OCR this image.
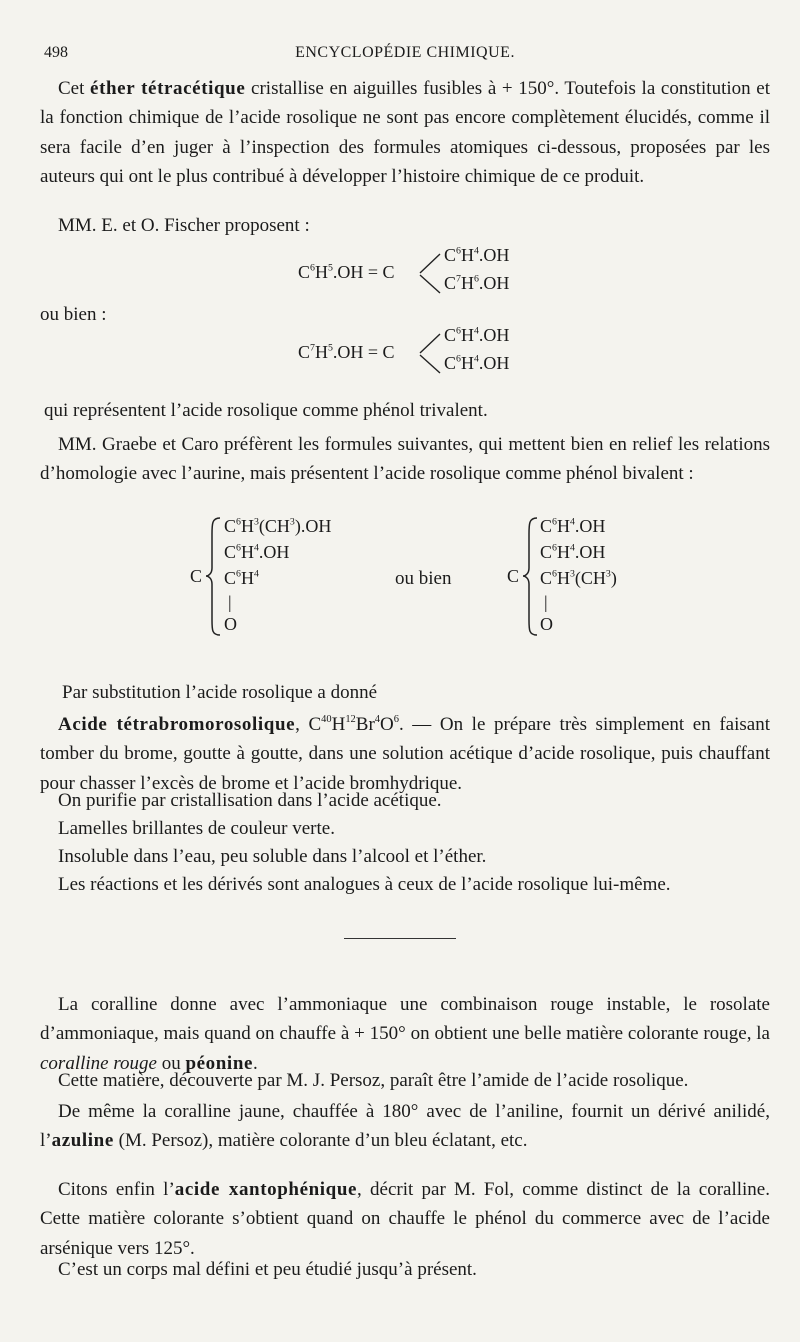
498	ENCYCLOPÉDIE CHIMIQUE.

Cet éther tétracétique cristallise en aiguilles fusibles à + 150°. Toutefois la constitution et la fonction chimique de l’acide rosolique ne sont pas encore complètement élucidés, comme il sera facile d’en juger à l’inspection des formules atomiques ci-dessous, proposées par les auteurs qui ont le plus contribué à développer l’histoire chimique de ce produit.

MM. E. et O. Fischer proposent :
$C^6H^5.OH = C$
$C^6H^4.OH$
$C^7H^6.OH$
ou bien :
$C^7H^5.OH = C$
$C^6H^4.OH$
$C^6H^4.OH$
qui représentent l’acide rosolique comme phénol trivalent.

MM. Graebe et Caro préfèrent les formules suivantes, qui mettent bien en relief les relations d’homologie avec l’aurine, mais présentent l’acide rosolique comme phénol bivalent :

C
$C^6H^3(CH^3).OH$
$C^6H^4.OH$
$C^6H^4$
|
O
ou bien	C
$C^6H^4.OH$
$C^6H^4.OH$
$C^6H^3(CH^3)$
|
O
Par substitution l’acide rosolique a donné

Acide tétrabromorosolique, $C^{40}H^{12}Br^4O^6$. — On le prépare très simplement en faisant tomber du brome, goutte à goutte, dans une solution acétique d’acide rosolique, puis chauffant pour chasser l’excès de brome et l’acide bromhydrique.

On purifie par cristallisation dans l’acide acétique.
Lamelles brillantes de couleur verte.
Insoluble dans l’eau, peu soluble dans l’alcool et l’éther.
Les réactions et les dérivés sont analogues à ceux de l’acide rosolique lui-même.

La coralline donne avec l’ammoniaque une combinaison rouge instable, le rosolate d’ammoniaque, mais quand on chauffe à + 150° on obtient une belle matière colorante rouge, la coralline rouge ou péonine.

Cette matière, découverte par M. J. Persoz, paraît être l’amide de l’acide rosolique.

De même la coralline jaune, chauffée à 180° avec de l’aniline, fournit un dérivé anilidé, l’azuline (M. Persoz), matière colorante d’un bleu éclatant, etc.

Citons enfin l’acide xantophénique, décrit par M. Fol, comme distinct de la coralline. Cette matière colorante s’obtient quand on chauffe le phénol du commerce avec de l’acide arsénique vers 125°.

C’est un corps mal défini et peu étudié jusqu’à présent.
